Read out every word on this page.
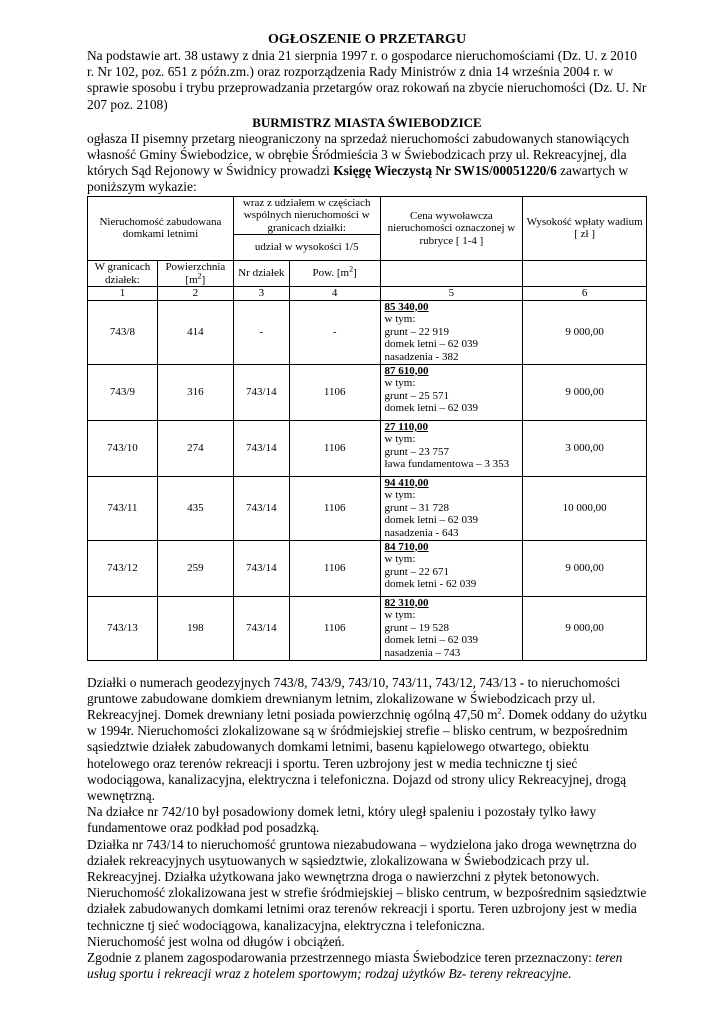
OGŁOSZENIE O PRZETARGU

Na podstawie art. 38 ustawy z dnia 21 sierpnia 1997 r. o gospodarce nieruchomościami (Dz. U. z 2010 r. Nr 102, poz. 651 z późn.zm.) oraz rozporządzenia Rady Ministrów z dnia 14 września 2004 r. w sprawie sposobu i trybu przeprowadzania przetargów oraz rokowań na zbycie nieruchomości (Dz. U. Nr 207 poz. 2108)

BURMISTRZ MIASTA ŚWIEBODZICE

ogłasza II pisemny przetarg nieograniczony na sprzedaż nieruchomości zabudowanych stanowiących własność Gminy Świebodzice, w obrębie Śródmieścia 3 w Świebodzicach przy ul. Rekreacyjnej, dla których Sąd Rejonowy w Świdnicy prowadzi Księgę Wieczystą Nr SW1S/00051220/6 zawartych w poniższym wykazie:

Nieruchomość zabudowana domkami letnimi		wraz z udziałem w częściach wspólnych nieruchomości w granicach działki:		Cena wywoławcza nieruchomości oznaczonej w rubryce [ 1-4 ]	Wysokość wpłaty wadium [ zł ]
		udział w wysokości 1/5			
W granicach działek:	Powierzchnia $[m^2]$	Nr działek	Pow. $[m^2]$		
1	2	3	4	5	6
743/8	414	-	-	85 340,00
w tym:
grunt – 22 919
domek letni – 62 039
nasadzenia - 382	9 000,00
743/9	316	743/14	1106	87 610,00
w tym:
grunt – 25 571
domek letni – 62 039	9 000,00
743/10	274	743/14	1106	27 110,00
w tym:
grunt – 23 757
ława fundamentowa – 3 353	3 000,00
743/11	435	743/14	1106	94 410,00
w tym:
grunt – 31 728
domek letni – 62 039
nasadzenia - 643	10 000,00
743/12	259	743/14	1106	84 710,00
w tym:
grunt – 22 671
domek letni - 62 039	9 000,00
743/13	198	743/14	1106	82 310,00
w tym:
grunt – 19 528
domek letni – 62 039
nasadzenia – 743	9 000,00

Działki o numerach geodezyjnych 743/8, 743/9, 743/10, 743/11, 743/12, 743/13 - to nieruchomości gruntowe zabudowane domkiem drewnianym letnim, zlokalizowane w Świebodzicach przy ul. Rekreacyjnej. Domek drewniany letni posiada powierzchnię ogólną 47,50 $m^2$. Domek oddany do użytku w 1994r. Nieruchomości zlokalizowane są w śródmiejskiej strefie – blisko centrum, w bezpośrednim sąsiedztwie działek zabudowanych domkami letnimi, basenu kąpielowego otwartego, obiektu hotelowego oraz terenów rekreacji i sportu. Teren uzbrojony jest w media techniczne tj sieć wodociągowa, kanalizacyjna, elektryczna i telefoniczna. Dojazd od strony ulicy Rekreacyjnej, drogą wewnętrzną.

Na działce nr 742/10 był posadowiony domek letni, który uległ spaleniu i pozostały tylko ławy fundamentowe oraz podkład pod posadzką.

Działka nr 743/14 to nieruchomość gruntowa niezabudowana – wydzielona jako droga wewnętrzna do działek rekreacyjnych usytuowanych w sąsiedztwie, zlokalizowana w Świebodzicach przy ul. Rekreacyjnej. Działka użytkowana jako wewnętrzna droga o nawierzchni z płytek betonowych.

Nieruchomość zlokalizowana jest w strefie śródmiejskiej – blisko centrum, w bezpośrednim sąsiedztwie działek zabudowanych domkami letnimi oraz terenów rekreacji i sportu. Teren uzbrojony jest w media techniczne tj sieć wodociągowa, kanalizacyjna, elektryczna i telefoniczna.

Nieruchomość jest wolna od długów i obciążeń.

Zgodnie z planem zagospodarowania przestrzennego miasta Świebodzice teren przeznaczony: teren usług sportu i rekreacji wraz z hotelem sportowym; rodzaj użytków Bz- tereny rekreacyjne.
